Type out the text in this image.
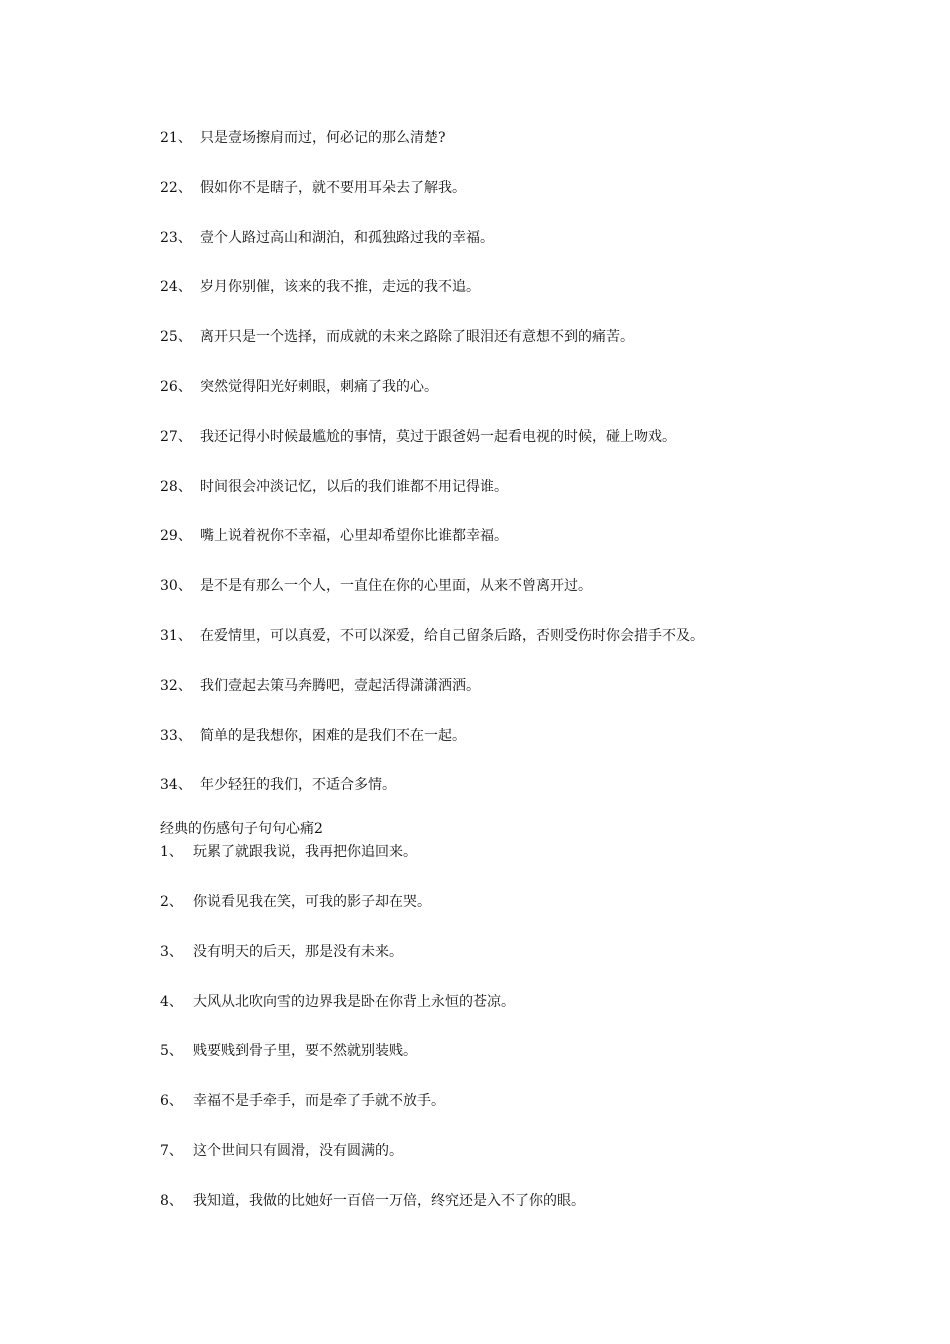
21、 只是壹场擦肩而过，何必记的那么清楚?
22、 假如你不是瞎子，就不要用耳朵去了解我。
23、 壹个人路过高山和湖泊，和孤独路过我的幸福。
24、 岁月你别催，该来的我不推，走远的我不追。
25、 离开只是一个选择，而成就的未来之路除了眼泪还有意想不到的痛苦。
26、 突然觉得阳光好刺眼，刺痛了我的心。
27、 我还记得小时候最尴尬的事情，莫过于跟爸妈一起看电视的时候，碰上吻戏。
28、 时间很会冲淡记忆，以后的我们谁都不用记得谁。
29、 嘴上说着祝你不幸福，心里却希望你比谁都幸福。
30、 是不是有那么一个人，一直住在你的心里面，从来不曾离开过。
31、 在爱情里，可以真爱，不可以深爱，给自己留条后路，否则受伤时你会措手不及。
32、 我们壹起去策马奔腾吧，壹起活得潇潇洒洒。
33、 简单的是我想你，困难的是我们不在一起。
34、 年少轻狂的我们，不适合多情。
经典的伤感句子句句心痛2
1、 玩累了就跟我说，我再把你追回来。
2、 你说看见我在笑，可我的影子却在哭。
3、 没有明天的后天，那是没有未来。
4、 大风从北吹向雪的边界我是卧在你背上永恒的苍凉。
5、 贱要贱到骨子里，要不然就别装贱。
6、 幸福不是手牵手，而是牵了手就不放手。
7、 这个世间只有圆滑，没有圆满的。
8、 我知道，我做的比她好一百倍一万倍，终究还是入不了你的眼。
